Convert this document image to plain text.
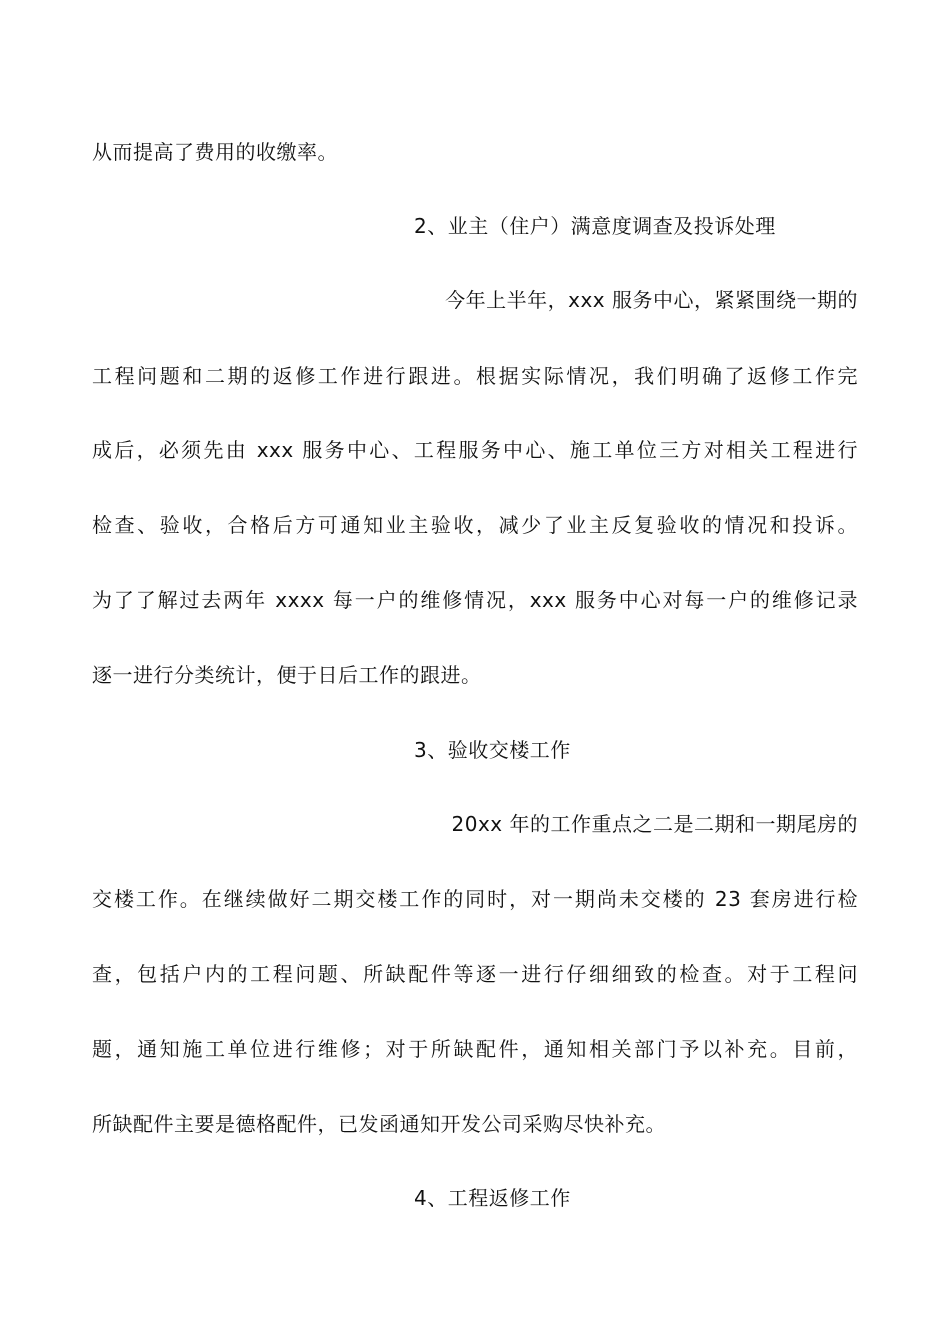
从而提高了费用的收缴率。
2、业主（住户）满意度调查及投诉处理
今年上半年，xxx 服务中心，紧紧围绕一期的
工程问题和二期的返修工作进行跟进。根据实际情况，我们明确了返修工作完
成后，必须先由 xxx 服务中心、工程服务中心、施工单位三方对相关工程进行
检查、验收，合格后方可通知业主验收，减少了业主反复验收的情况和投诉。
为了了解过去两年 xxxx 每一户的维修情况，xxx 服务中心对每一户的维修记录
逐一进行分类统计，便于日后工作的跟进。
3、验收交楼工作
20xx 年的工作重点之二是二期和一期尾房的
交楼工作。在继续做好二期交楼工作的同时，对一期尚未交楼的 23 套房进行检
查，包括户内的工程问题、所缺配件等逐一进行仔细细致的检查。对于工程问
题，通知施工单位进行维修；对于所缺配件，通知相关部门予以补充。目前，
所缺配件主要是德格配件，已发函通知开发公司采购尽快补充。
4、工程返修工作
